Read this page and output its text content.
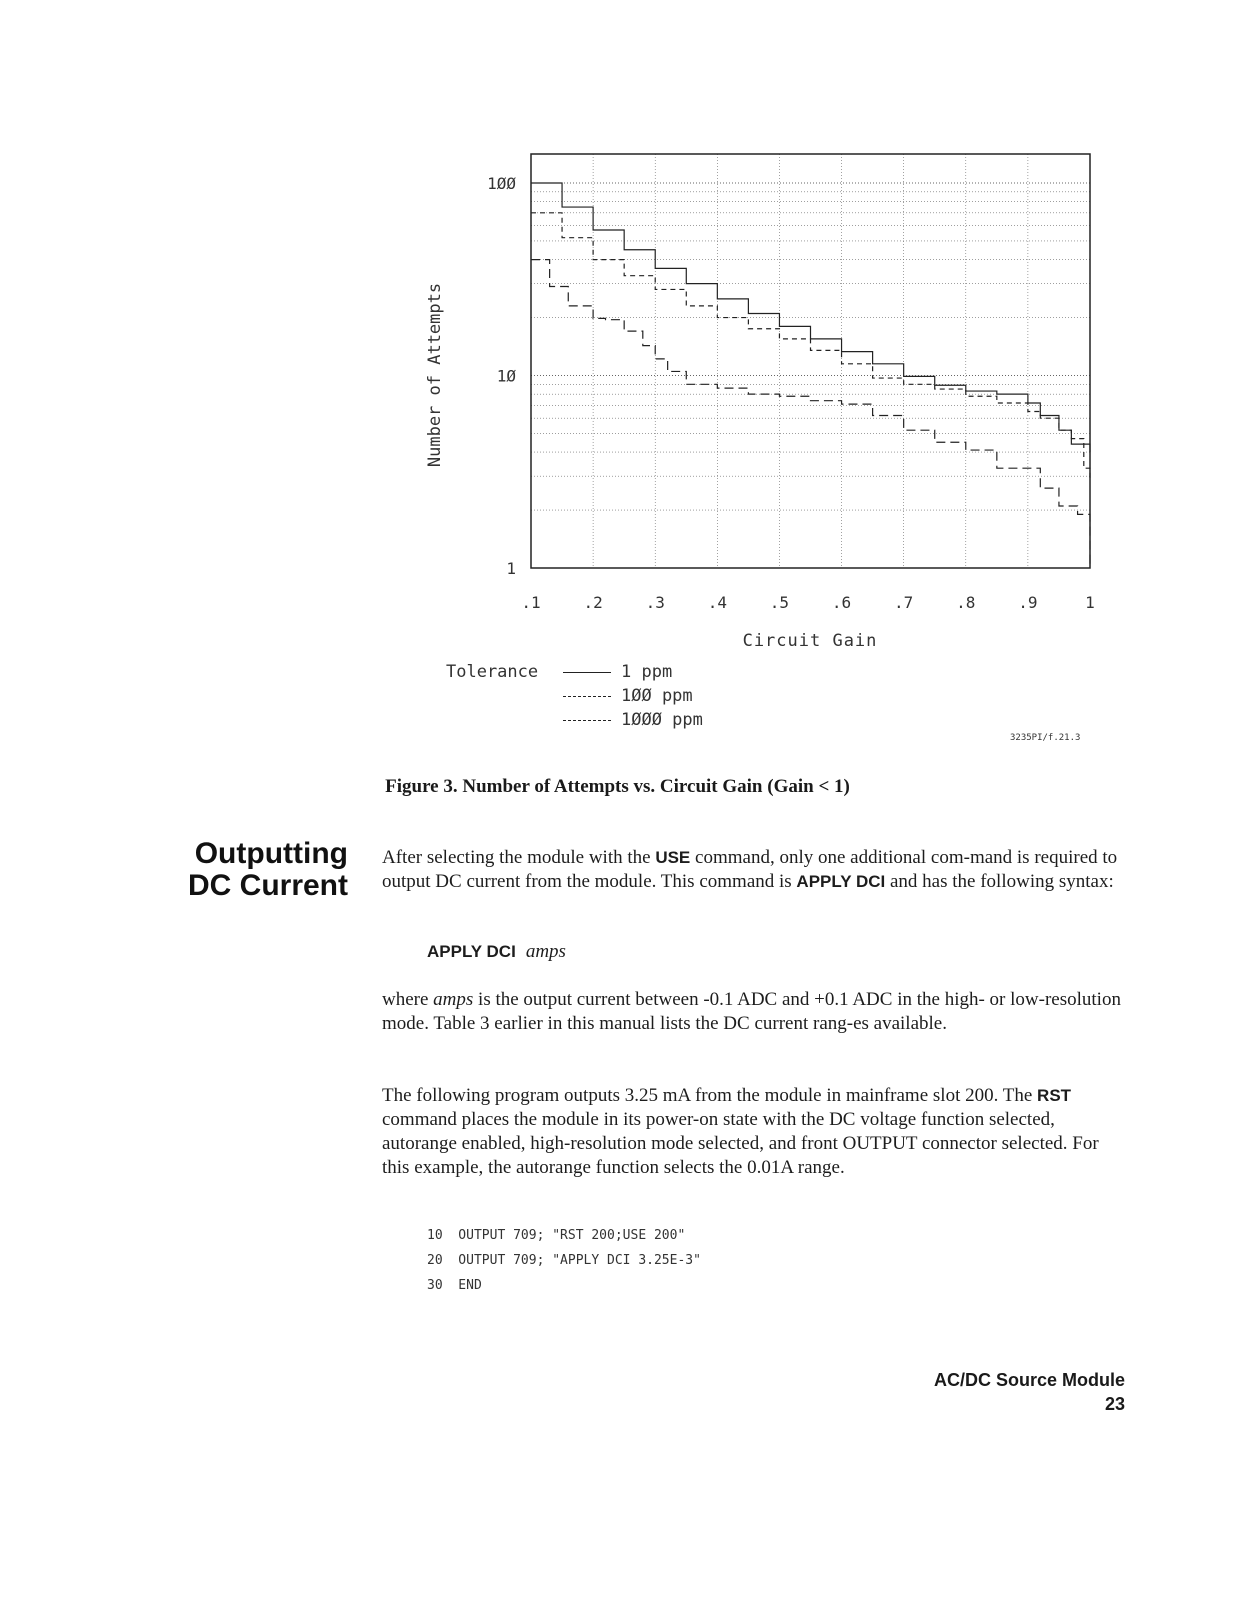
.1	.2	.3	.4	.5	.6	.7	.8	.9	1
1ØØ
1Ø
1
Number of Attempts
Circuit Gain
Tolerance	1 ppm
1ØØ ppm
1ØØØ ppm
3235PI/f.21.3
Figure 3. Number of Attempts vs. Circuit Gain (Gain < 1)
Outputting
DC Current

After selecting the module with the USE command, only one additional com-mand is required to output DC current from the module. This command is APPLY DCI and has the following syntax:

APPLY DCI amps

where amps is the output current between -0.1 ADC and +0.1 ADC in the high- or low-resolution mode. Table 3 earlier in this manual lists the DC current rang-es available.

The following program outputs 3.25 mA from the module in mainframe slot 200. The RST command places the module in its power-on state with the DC voltage function selected, autorange enabled, high-resolution mode selected, and front OUTPUT connector selected. For this example, the autorange function selects the 0.01A range.

10  OUTPUT 709; "RST 200;USE 200"
20  OUTPUT 709; "APPLY DCI 3.25E-3"
30  END
AC/DC Source Module
23
